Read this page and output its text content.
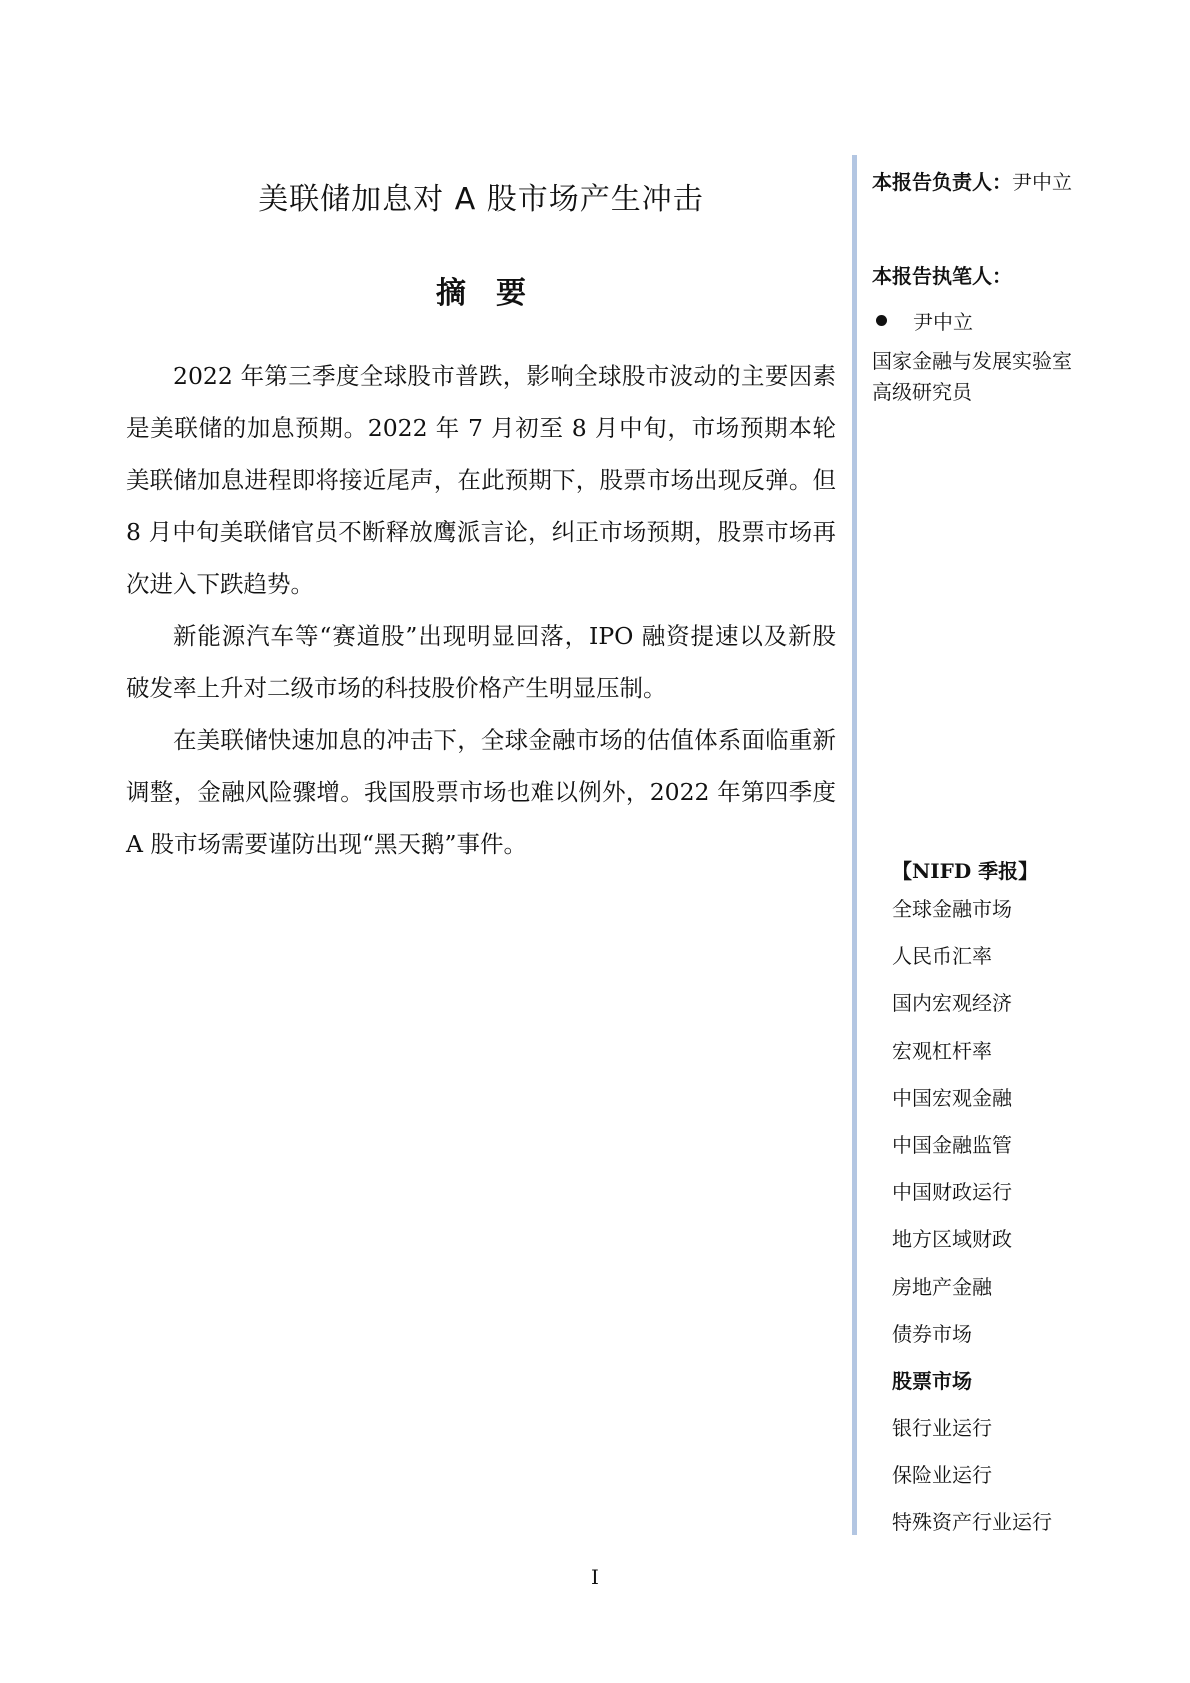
美联储加息对 A 股市场产生冲击
摘要

2022 年第三季度全球股市普跌，影响全球股市波动的主要因素是美联储的加息预期。2022 年 7 月初至 8 月中旬，市场预期本轮美联储加息进程即将接近尾声，在此预期下，股票市场出现反弹。但 8 月中旬美联储官员不断释放鹰派言论，纠正市场预期，股票市场再次进入下跌趋势。

新能源汽车等“赛道股”出现明显回落，IPO 融资提速以及新股破发率上升对二级市场的科技股价格产生明显压制。

在美联储快速加息的冲击下，全球金融市场的估值体系面临重新调整，金融风险骤增。我国股票市场也难以例外，2022 年第四季度 A 股市场需要谨防出现“黑天鹅”事件。

本报告负责人：尹中立
本报告执笔人：
尹中立
国家金融与发展实验室
高级研究员
【NIFD 季报】
全球金融市场
人民币汇率
国内宏观经济
宏观杠杆率
中国宏观金融
中国金融监管
中国财政运行
地方区域财政
房地产金融
债券市场
股票市场
银行业运行
保险业运行
特殊资产行业运行
I
